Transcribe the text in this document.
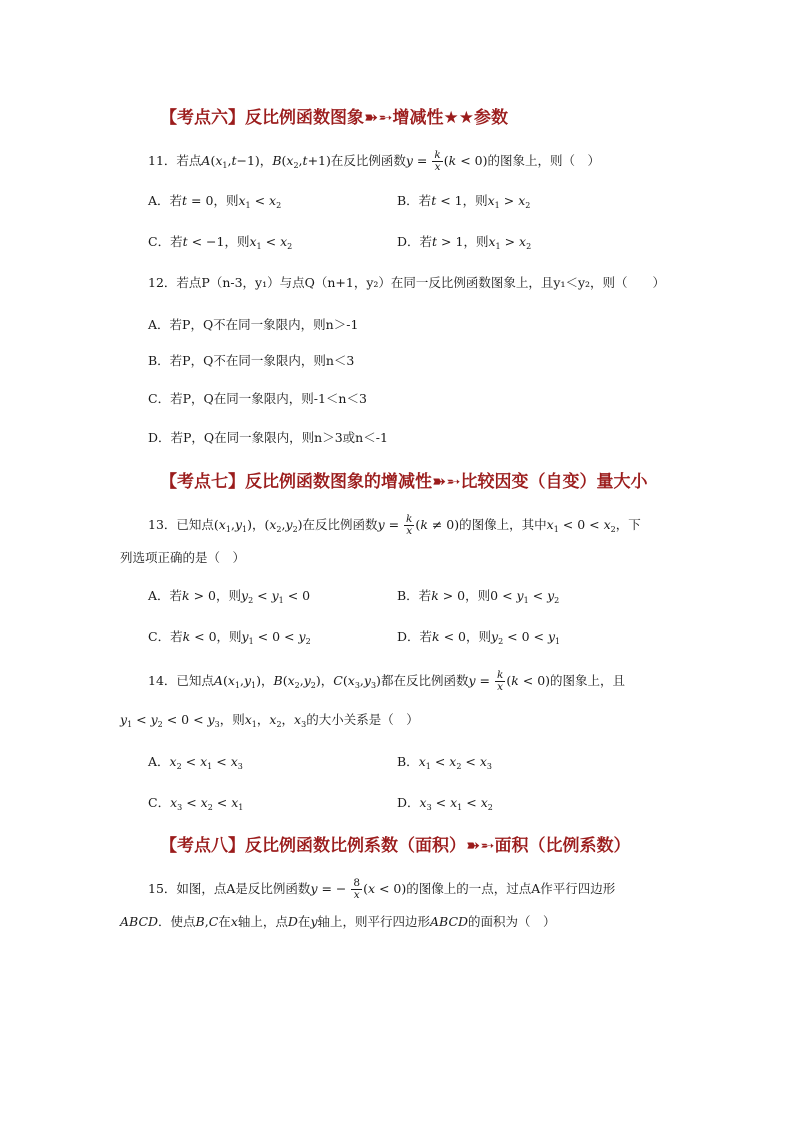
【考点六】反比例函数图象➽➵增减性★★参数
11．若点$A(x_1,t-1)$，$B(x_2,t+1)$在反比例函数$y = \frac{k}{x} (k < 0)$的图象上，则（　）
A．若t = 0，则$x_1 < x_2$	B．若t < 1，则$x_1 > x_2$
C．若t < −1，则$x_1 < x_2$	D．若t > 1，则$x_1 > x_2$
12．若点P（n-3，y₁）与点Q（n+1，y₂）在同一反比例函数图象上，且y₁＜y₂，则（　　）
A．若P，Q不在同一象限内，则n＞-1
B．若P，Q不在同一象限内，则n＜3
C．若P，Q在同一象限内，则-1＜n＜3
D．若P，Q在同一象限内，则n＞3或n＜-1
【考点七】反比例函数图象的增减性➽➵比较因变（自变）量大小
13．已知点$(x_1,y_1)$，$(x_2,y_2)$在反比例函数$y = \frac{k}{x} (k \ne 0)$的图像上，其中$x_1 < 0 < x_2$，下
列选项正确的是（　）
A．若k > 0，则$y_2 < y_1 < 0$	B．若k > 0，则$0 < y_1 < y_2$
C．若k < 0，则$y_1 < 0 < y_2$	D．若k < 0，则$y_2 < 0 < y_1$
14．已知点$A(x_1,y_1)$，$B(x_2,y_2)$，$C(x_3,y_3)$都在反比例函数$y = \frac{k}{x} (k < 0)$的图象上，且
$y_1 < y_2 < 0 < y_3$，则$x_1$，$x_2$，$x_3$的大小关系是（　）
A．$x_2 < x_1 < x_3$	B．$x_1 < x_2 < x_3$
C．$x_3 < x_2 < x_1$	D．$x_3 < x_1 < x_2$
【考点八】反比例函数比例系数（面积）➽➵面积（比例系数）
15．如图，点A是反比例函数y = − $\frac{8}{x} (x < 0)$的图像上的一点，过点A作平行四边形
ABCD．使点B,C在x轴上，点D在y轴上，则平行四边形ABCD的面积为（　）
